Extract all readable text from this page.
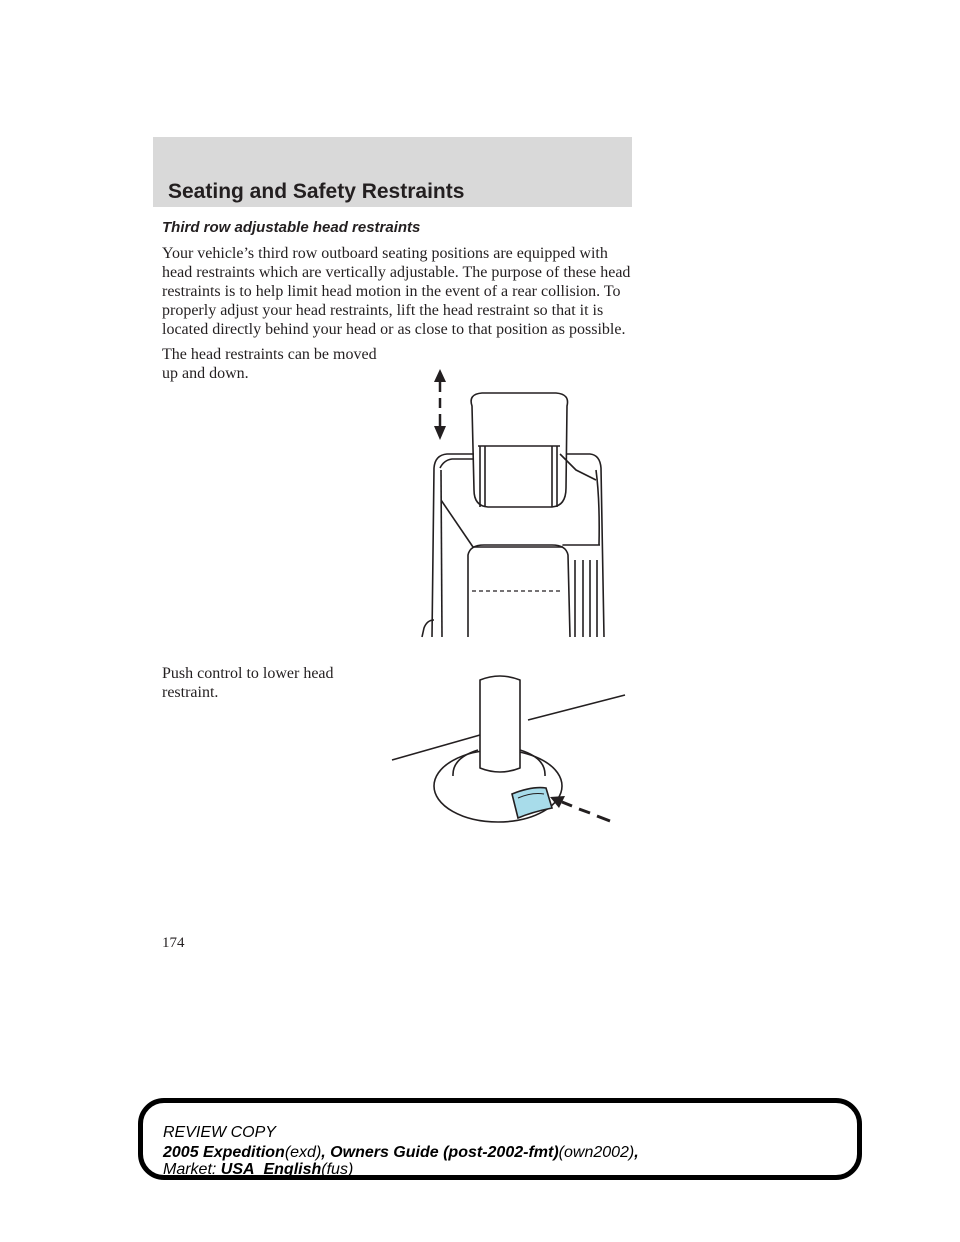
Seating and Safety Restraints
Third row adjustable head restraints

Your vehicle’s third row outboard seating positions are equipped with head restraints which are vertically adjustable. The purpose of these head restraints is to help limit head motion in the event of a rear collision. To properly adjust your head restraints, lift the head restraint so that it is located directly behind your head or as close to that position as possible.

The head restraints can be moved up and down.

Push control to lower head restraint.

174

REVIEW COPY

2005 Expedition(exd), Owners Guide (post-2002-fmt)(own2002),

Market: USA_English(fus)
